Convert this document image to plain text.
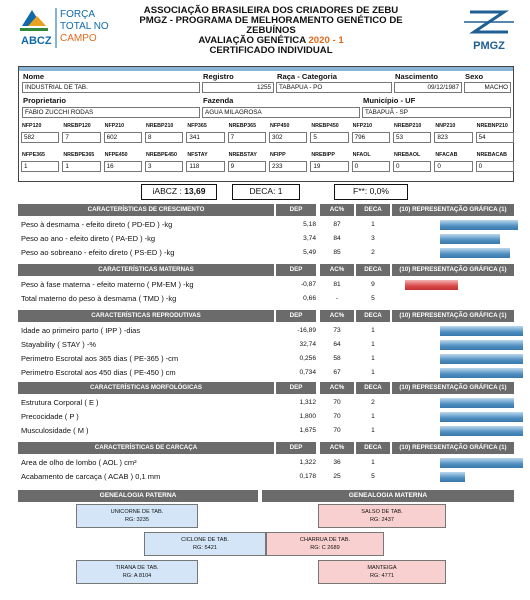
ABCZ
FORÇA
TOTAL NO
CAMPO
ASSOCIAÇÃO BRASILEIRA DOS CRIADORES DE ZEBU
PMGZ - PROGRAMA DE MELHORAMENTO GENÉTICO DE ZEBUÍNOS
AVALIAÇÃO GENÉTICA 2020 - 1
CERTIFICADO INDIVIDUAL	PMGZ
Nome	Registro	Raça - Categoria	Nascimento	Sexo
INDUSTRIAL DE TAB.	1255	TABAPUA - PO	09/12/1987	MACHO
Proprietario	Fazenda	Município - UF
FABIO ZUCCHI RODAS	AGUA MILAGROSA	TABAPUÃ - SP
NFP120
582
NREBP120
7
NFP210
602
NREBP210
8
NFP365
341
NREBP365
7
NFP450
302
NREBP450
5
NFP210
796
NREBP210
53
NNP210
823
NREBNP210
54
NFPE365
1
NREBPE365
1
NFPE450
16
NREBPE450
3
NFSTAY
118
NREBSTAY
9
NFIPP
233
NREBIPP
19
NFAOL
0
NREBAOL
0
NFACAB
0
NREBACAB
0
iABCZ : 13,69	DECA: 1	F**: 0,0%
CARACTERÍSTICAS DE CRESCIMENTO	DEP	AC%	DECA	(10) REPRESENTAÇÃO GRÁFICA (1)
Peso à desmama - efeito direto ( PD-ED ) -kg	5,18	87	1
Peso ao ano - efeito direto ( PA-ED ) -kg	3,74	84	3
Peso ao sobreano - efeito direto ( PS-ED ) -kg	5,49	85	2
CARACTERÍSTICAS MATERNAS	DEP	AC%	DECA	(10) REPRESENTAÇÃO GRÁFICA (1)
Peso à fase materna - efeito materno ( PM-EM ) -kg	-0,87	81	9
Total materno do peso à desmama ( TMD ) -kg	0,66	-	5
CARACTERÍSTICAS REPRODUTIVAS	DEP	AC%	DECA	(10) REPRESENTAÇÃO GRÁFICA (1)
Idade ao primeiro parto ( IPP ) -dias	-16,89	73	1
Stayability ( STAY ) -%	32,74	64	1
Perimetro Escrotal aos 365 dias ( PE-365 ) -cm	0,256	58	1
Perimetro Escrotal aos 450 dias ( PE-450 ) cm	0,734	67	1
CARACTERÍSTICAS MORFOLÓGICAS	DEP	AC%	DECA	(10) REPRESENTAÇÃO GRÁFICA (1)
Estrutura Corporal ( E )	1,312	70	2
Precocidade ( P )	1,800	70	1
Musculosidade ( M )	1,675	70	1
CARACTERÍSTICAS DE CARCAÇA	DEP	AC%	DECA	(10) REPRESENTAÇÃO GRÁFICA (1)
Area de olho de lombo ( AOL ) cm²	1,322	36	1
Acabamento de carcaça ( ACAB ) 0,1 mm	0,178	25	5
GENEALOGIA PATERNA	GENEALOGIA MATERNA
UNICORNE DE TAB.
RG: 3235
CICLONE DE TAB.
RG: 5421
TIRANA DE TAB.
RG: A 8104
SALSO DE TAB.
RG: 2437
CHARRUA DE TAB.
RG: C 2689
MANTEIGA
RG: 4771
